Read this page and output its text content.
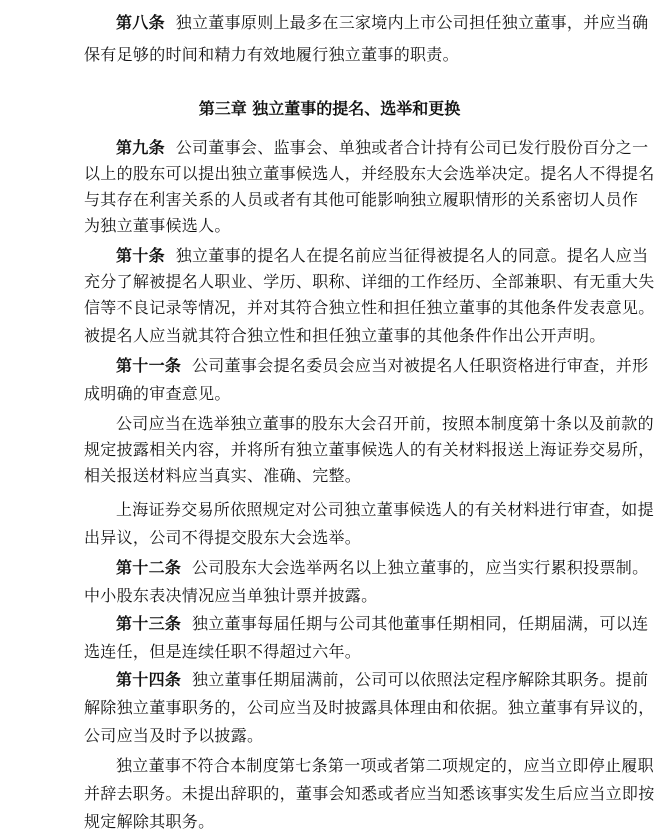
第八条 独立董事原则上最多在三家境内上市公司担任独立董事，并应当确
保有足够的时间和精力有效地履行独立董事的职责。
第三章 独立董事的提名、选举和更换
第九条 公司董事会、监事会、单独或者合计持有公司已发行股份百分之一
以上的股东可以提出独立董事候选人，并经股东大会选举决定。提名人不得提名
与其存在利害关系的人员或者有其他可能影响独立履职情形的关系密切人员作
为独立董事候选人。
第十条 独立董事的提名人在提名前应当征得被提名人的同意。提名人应当
充分了解被提名人职业、学历、职称、详细的工作经历、全部兼职、有无重大失
信等不良记录等情况，并对其符合独立性和担任独立董事的其他条件发表意见。
被提名人应当就其符合独立性和担任独立董事的其他条件作出公开声明。
第十一条 公司董事会提名委员会应当对被提名人任职资格进行审查，并形
成明确的审查意见。
公司应当在选举独立董事的股东大会召开前，按照本制度第十条以及前款的
规定披露相关内容，并将所有独立董事候选人的有关材料报送上海证券交易所，
相关报送材料应当真实、准确、完整。
上海证券交易所依照规定对公司独立董事候选人的有关材料进行审查，如提
出异议，公司不得提交股东大会选举。
第十二条 公司股东大会选举两名以上独立董事的，应当实行累积投票制。
中小股东表决情况应当单独计票并披露。
第十三条 独立董事每届任期与公司其他董事任期相同，任期届满，可以连
选连任，但是连续任职不得超过六年。
第十四条 独立董事任期届满前，公司可以依照法定程序解除其职务。提前
解除独立董事职务的，公司应当及时披露具体理由和依据。独立董事有异议的，
公司应当及时予以披露。
独立董事不符合本制度第七条第一项或者第二项规定的，应当立即停止履职
并辞去职务。未提出辞职的，董事会知悉或者应当知悉该事实发生后应当立即按
规定解除其职务。
